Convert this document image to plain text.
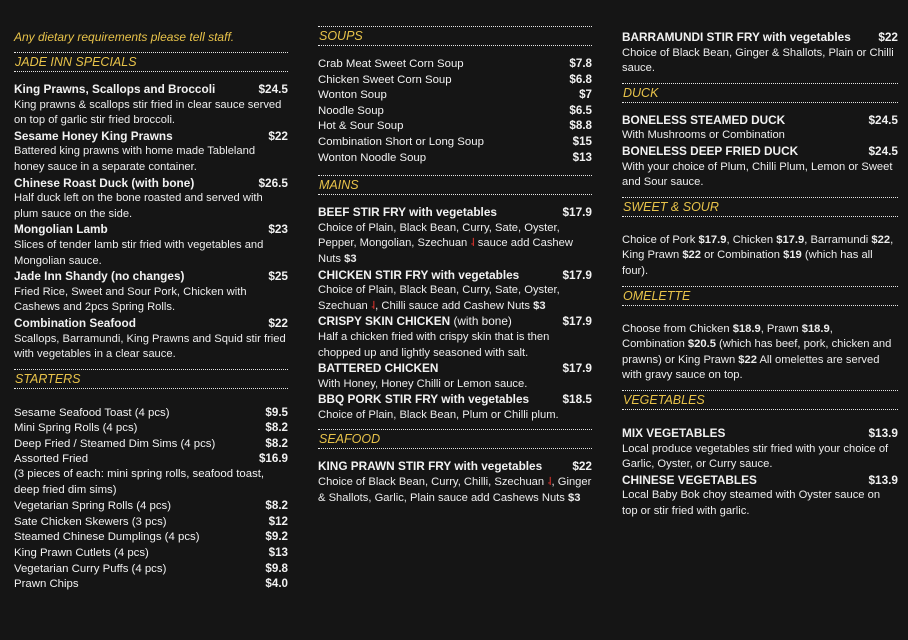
Any dietary requirements please tell staff.
JADE INN SPECIALS
King Prawns, Scallops and Broccoli	$24.5
King prawns & scallops stir fried in clear sauce served on top of garlic stir fried broccoli.
Sesame Honey King Prawns	$22
Battered king prawns with home made Tableland honey sauce in a separate container.
Chinese Roast Duck (with bone)	$26.5
Half duck left on the bone roasted and served with plum sauce on the side.
Mongolian Lamb	$23
Slices of tender lamb stir fried with vegetables and Mongolian sauce.
Jade Inn Shandy (no changes)	$25
Fried Rice, Sweet and Sour Pork, Chicken with Cashews and 2pcs Spring Rolls.
Combination Seafood	$22
Scallops, Barramundi, King Prawns and Squid stir fried with vegetables in a clear sauce.
STARTERS
Sesame Seafood Toast (4 pcs)	$9.5
Mini Spring Rolls (4 pcs)	$8.2
Deep Fried / Steamed Dim Sims (4 pcs)	$8.2
Assorted Fried	$16.9
(3 pieces of each: mini spring rolls, seafood toast,
deep fried dim sims)
Vegetarian Spring Rolls (4 pcs)	$8.2
Sate Chicken Skewers (3 pcs)	$12
Steamed Chinese Dumplings (4 pcs)	$9.2
King Prawn Cutlets (4 pcs)	$13
Vegetarian Curry Puffs (4 pcs)	$9.8
Prawn Chips	$4.0
SOUPS
Crab Meat Sweet Corn Soup	$7.8
Chicken Sweet Corn Soup	$6.8
Wonton Soup	$7
Noodle Soup	$6.5
Hot & Sour Soup	$8.8
Combination Short or Long Soup	$15
Wonton Noodle Soup	$13
MAINS
BEEF STIR FRY with vegetables	$17.9
Choice of Plain, Black Bean, Curry, Sate, Oyster, Pepper, Mongolian, Szechuan ˨ sauce add Cashew Nuts $3
CHICKEN STIR FRY with vegetables	$17.9
Choice of Plain, Black Bean, Curry, Sate, Oyster, Szechuan ˨, Chilli sauce add Cashew Nuts $3
CRISPY SKIN CHICKEN (with bone)	$17.9
Half a chicken fried with crispy skin that is then chopped up and lightly seasoned with salt.
BATTERED CHICKEN	$17.9
With Honey, Honey Chilli or Lemon sauce.
BBQ PORK STIR FRY with vegetables	$18.5
Choice of Plain, Black Bean, Plum or Chilli plum.
SEAFOOD
KING PRAWN STIR FRY with vegetables	$22
Choice of Black Bean, Curry, Chilli, Szechuan ˨, Ginger & Shallots, Garlic, Plain sauce add Cashews Nuts $3
BARRAMUNDI STIR FRY with vegetables $22
Choice of Black Bean, Ginger & Shallots, Plain or Chilli sauce.
DUCK
BONELESS STEAMED DUCK	$24.5
With Mushrooms or Combination
BONELESS DEEP FRIED DUCK	$24.5
With your choice of Plum, Chilli Plum, Lemon or Sweet and Sour sauce.
SWEET & SOUR
Choice of Pork $17.9, Chicken $17.9, Barramundi $22, King Prawn $22 or Combination $19 (which has all four).
OMELETTE
Choose from Chicken $18.9, Prawn $18.9, Combination $20.5 (which has beef, pork, chicken and prawns) or King Prawn $22 All omelettes are served with gravy sauce on top.
VEGETABLES
MIX VEGETABLES	$13.9
Local produce vegetables stir fried with your choice of Garlic, Oyster, or Curry sauce.
CHINESE VEGETABLES	$13.9
Local Baby Bok choy steamed with Oyster sauce on top or stir fried with garlic.
